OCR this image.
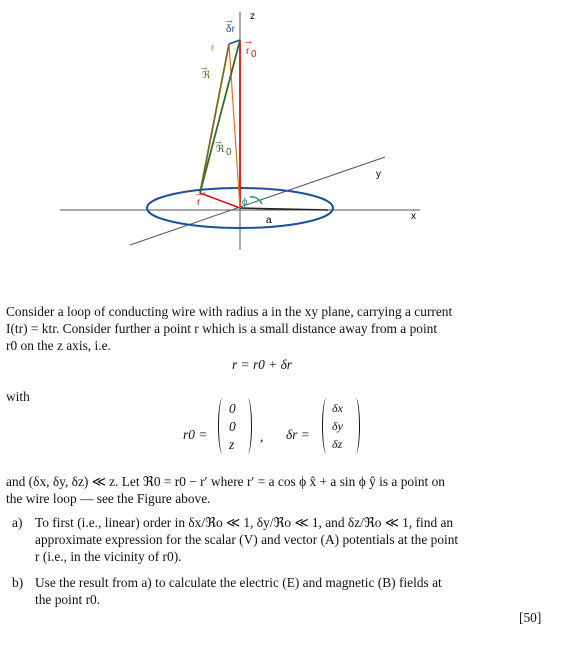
z
y
x
a
δr
r	r 0
ℜ
ℜ 0
r
′
ϕ
→
→
→
→
→
Consider a loop of conducting wire with radius a in the xy plane, carrying a current
I(tr) = ktr. Consider further a point r which is a small distance away from a point
r0 on the z axis, i.e.
r = r0 + δr
with
r0 =
0
0
z
, δr =
δx
δy
δz
and (δx, δy, δz) ≪ z. Let ℜ0 = r0 − r′ where r′ = a cos ϕ x̂ + a sin ϕ ŷ is a point on
the wire loop — see the Figure above.
a) To first (i.e., linear) order in δx/ℜo ≪ 1, δy/ℜo ≪ 1, and δz/ℜo ≪ 1, find an
approximate expression for the scalar (V) and vector (A) potentials at the point
r (i.e., in the vicinity of r0).
b) Use the result from a) to calculate the electric (E) and magnetic (B) fields at
the point r0.
[50]
